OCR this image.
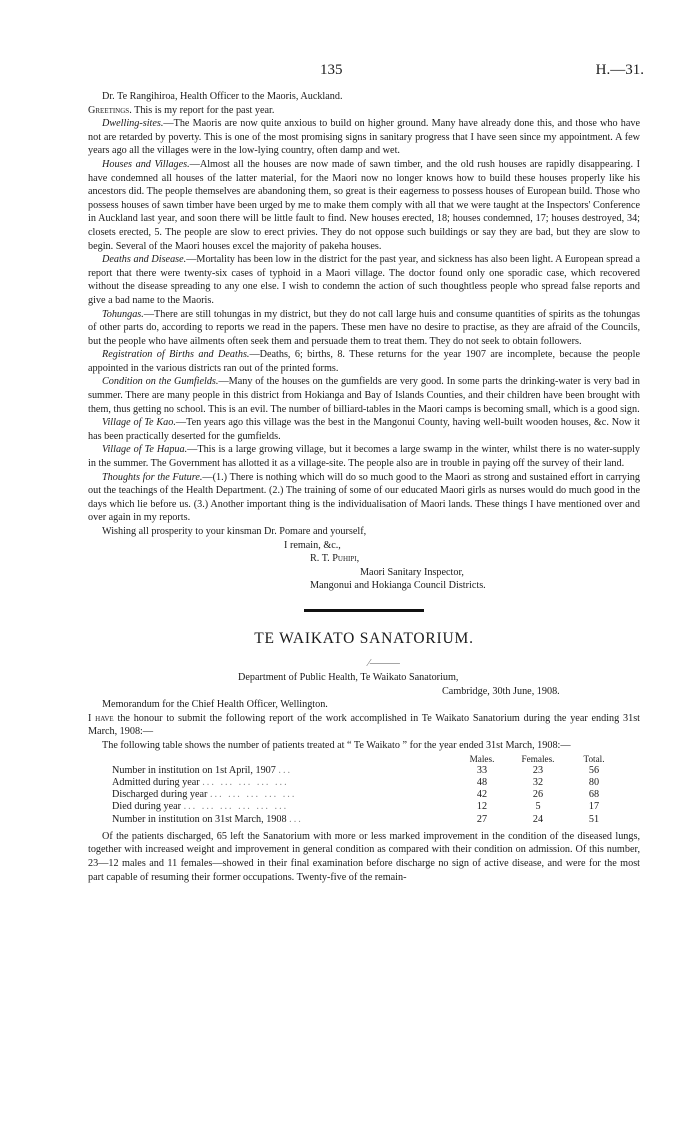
135	H.—31.

Dr. Te Rangihiroa, Health Officer to the Maoris, Auckland.

Greetings. This is my report for the past year.

Dwelling-sites.—The Maoris are now quite anxious to build on higher ground. Many have already done this, and those who have not are retarded by poverty. This is one of the most promising signs in sanitary progress that I have seen since my appointment. A few years ago all the villages were in the low-lying country, often damp and wet.

Houses and Villages.—Almost all the houses are now made of sawn timber, and the old rush houses are rapidly disappearing. I have condemned all houses of the latter material, for the Maori now no longer knows how to build these houses properly like his ancestors did. The people themselves are abandoning them, so great is their eagerness to possess houses of European build. Those who possess houses of sawn timber have been urged by me to make them comply with all that we were taught at the Inspectors' Conference in Auckland last year, and soon there will be little fault to find. New houses erected, 18; houses condemned, 17; houses destroyed, 34; closets erected, 5. The people are slow to erect privies. They do not oppose such buildings or say they are bad, but they are slow to begin. Several of the Maori houses excel the majority of pakeha houses.

Deaths and Disease.—Mortality has been low in the district for the past year, and sickness has also been light. A European spread a report that there were twenty-six cases of typhoid in a Maori village. The doctor found only one sporadic case, which recovered without the disease spreading to any one else. I wish to condemn the action of such thoughtless people who spread false reports and give a bad name to the Maoris.

Tohungas.—There are still tohungas in my district, but they do not call large huis and consume quantities of spirits as the tohungas of other parts do, according to reports we read in the papers. These men have no desire to practise, as they are afraid of the Councils, but the people who have ailments often seek them and persuade them to treat them. They do not seek to obtain followers.

Registration of Births and Deaths.—Deaths, 6; births, 8. These returns for the year 1907 are incomplete, because the people appointed in the various districts ran out of the printed forms.

Condition on the Gumfields.—Many of the houses on the gumfields are very good. In some parts the drinking-water is very bad in summer. There are many people in this district from Hokianga and Bay of Islands Counties, and their children have been brought with them, thus getting no school. This is an evil. The number of billiard-tables in the Maori camps is becoming small, which is a good sign.

Village of Te Kao.—Ten years ago this village was the best in the Mangonui County, having well-built wooden houses, &c. Now it has been practically deserted for the gumfields.

Village of Te Hapua.—This is a large growing village, but it becomes a large swamp in the winter, whilst there is no water-supply in the summer. The Government has allotted it as a village-site. The people also are in trouble in paying off the survey of their land.

Thoughts for the Future.—(1.) There is nothing which will do so much good to the Maori as strong and sustained effort in carrying out the teachings of the Health Department. (2.) The training of some of our educated Maori girls as nurses would do much good in the days which lie before us. (3.) Another important thing is the individualisation of Maori lands. These things I have mentioned over and over again in my reports.

Wishing all prosperity to your kinsman Dr. Pomare and yourself,

I remain, &c.,
R. T. Puhipi,
Maori Sanitary Inspector,
Mangonui and Hokianga Council Districts.
TE WAIKATO SANATORIUM.
⁄———
Department of Public Health, Te Waikato Sanatorium,
Cambridge, 30th June, 1908.

Memorandum for the Chief Health Officer, Wellington.

I have the honour to submit the following report of the work accomplished in Te Waikato Sanatorium during the year ending 31st March, 1908:—

The following table shows the number of patients treated at “ Te Waikato ” for the year ended 31st March, 1908:—

	Males.	Females.	Total.
Number in institution on 1st April, 1907 ...	33	23	56
Admitted during year ... ... ... ... ...	48	32	80
Discharged during year ... ... ... ... ...	42	26	68
Died during year ... ... ... ... ... ...	12	5	17
Number in institution on 31st March, 1908 ...	27	24	51

Of the patients discharged, 65 left the Sanatorium with more or less marked improvement in the condition of the diseased lungs, together with increased weight and improvement in general condition as compared with their condition on admission. Of this number, 23—12 males and 11 females—showed in their final examination before discharge no sign of active disease, and were for the most part capable of resuming their former occupations. Twenty-five of the remain-
